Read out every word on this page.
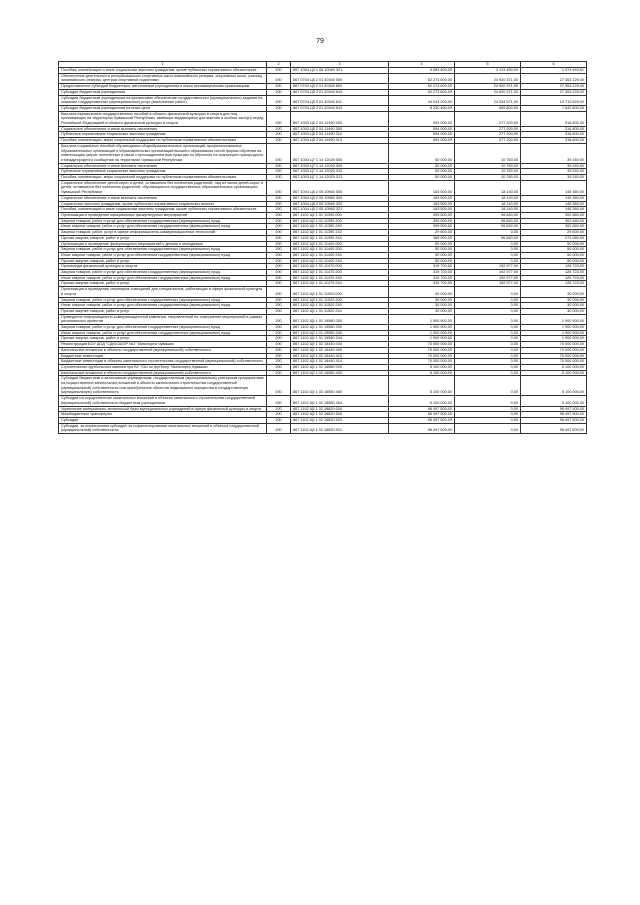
79
1	2	3	4	5	6
Пособия, компенсации и иные социальные выплаты гражданам, кроме публичных нормативных обязательств	200	867 1004 Ц4 1 06 10060 321	4 083 400,00	2 113 450,00	1 974 949,61
Обеспечение деятельности республиканских спортивных школ олимпийского резерва, спортивных школ, училищ олимпийского резерва, центров спортивной подготовки	200	867 0704 Ц5 2 01 40340 000	52 273 600,00	24 920 371,00	27 353 229,00
Предоставление субсидий бюджетным, автономным учреждениям и иным некоммерческим организациям	200	867 0704 Ц5 2 01 40340 600	52 273 600,00	24 920 371,00	27 353 229,00
Субсидии бюджетным учреждениям	200	867 0704 Ц5 2 01 40340 610	52 273 600,00	24 920 371,00	27 353 229,00
Субсидии бюджетным учреждениям на финансовое обеспечение государственного (муниципального) задания на оказание государственных (муниципальных) услуг (выполнение работ)	200	867 0704 Ц5 2 01 40340 611	44 043 200,00	24 334 571,00	19 710 629,00
Субсидии бюджетным учреждениям на иные цели	200	867 0704 Ц5 2 01 40340 612	8 230 400,00	585 800,00	7 642 600,00
Выплата ежемесячных государственных пособий в области физической культуры и спорта для лиц, проживающих на территории Чувашской Республики, имеющих выдающиеся достижения и особые заслуги перед Российской Федерацией в области физической культуры и спорта	200	867 1003 Ц5 2 04 11490 000	594 000,00	277 200,00	316 800,00
Социальное обеспечение и иные выплаты населению	200	867 1003 Ц5 2 04 11490 300	594 000,00	277 200,00	316 800,00
Публичные нормативные социальные выплаты гражданам	200	867 1003 Ц5 2 04 11490 310	594 000,00	277 200,00	316 800,00
Пособия, компенсации, меры социальной поддержки по публичным нормативным обязательствам	200	867 1003 Ц5 2 04 11490 313	594 000,00	277 200,00	316 800,00
Выплата социальных пособий обучающимся общеобразовательных организаций, профессиональных образовательных организаций и образовательных организаций высшего образования очной формы обучения на компенсацию затрат, понесенных в связи с прохождением ими практики по обучению на транспорте пригородного и междугородного сообщения на территории Чувашской Республики	200	867 1003 Ц7 1 14 12020 000	50 000,00	10 760,00	39 240,00
Социальное обеспечение и иные выплаты населению	200	867 1003 Ц7 1 14 12020 300	50 000,00	10 760,00	39 240,00
Публичные нормативные социальные выплаты гражданам	200	867 1003 Ц7 1 14 12020 310	50 000,00	10 760,00	39 240,00
Пособия, компенсации, меры социальной поддержки по публичным нормативным обязательствам	200	867 1003 Ц7 1 14 12020 313	50 000,00	10 760,00	39 240,00
Социальное обеспечение детей-сирот и детей, оставшихся без попечения родителей, лиц из числа детей-сирот и детей, оставшихся без попечения родителей, обучающихся в государственных образовательных организациях Чувашской Республики	200	867 1004 Ц5 2 05 10560 000	163 500,00	18 140,00	145 360,00
Социальное обеспечение и иные выплаты населению	200	867 1004 Ц5 2 05 10560 300	163 500,00	18 140,00	145 360,00
Социальные выплаты гражданам, кроме публичных нормативных социальных выплат	200	867 1004 Ц5 2 05 10560 320	163 500,00	18 140,00	145 360,00
Пособия, компенсации и иные социальные выплаты гражданам, кроме публичных нормативных обязательств	200	867 1004 Ц5 2 05 10560 321	163 500,00	18 140,00	145 360,00
Организация и проведение официальных физкультурных мероприятий	200	867 1102 Ц5 1 01 11390 000	399 500,00	96 840,00	302 660,00
Закупка товаров, работ и услуг для обеспечения государственных (муниципальных) нужд	200	867 1102 Ц5 1 01 11390 200	399 500,00	96 840,00	302 660,00
Иные закупки товаров, работ и услуг для обеспечения государственных (муниципальных) нужд	200	867 1102 Ц5 1 01 11390 240	399 500,00	96 840,00	302 660,00
Закупка товаров, работ, услуг в сфере информационно-коммуникационных технологий	200	867 1102 Ц5 1 01 11390 242	29 600,00	0,00	29 600,00
Прочая закупка товаров, работ и услуг	200	867 1102 Ц5 1 01 11390 244	369 900,00	96 840,00	273 060,00
Организация и проведение физкультурных мероприятий с детьми и молодежью	200	867 1102 Ц5 1 01 11400 000	50 000,00	0,00	50 000,00
Закупка товаров, работ и услуг для обеспечения государственных (муниципальных) нужд	200	867 1102 Ц5 1 01 11400 200	50 000,00	0,00	50 000,00
Иные закупки товаров, работ и услуг для обеспечения государственных (муниципальных) нужд	200	867 1102 Ц5 1 01 11400 240	50 000,00	0,00	50 000,00
Прочая закупка товаров, работ и услуг	200	867 1102 Ц5 1 01 11400 244	50 000,00	0,00	50 000,00
Пропаганда физической культуры и спорта	200	867 1102 Ц5 1 01 11470 000	319 700,00	192 977,00	126 723,00
Закупка товаров, работ и услуг для обеспечения государственных (муниципальных) нужд	200	867 1102 Ц5 1 01 11470 200	319 700,00	192 977,00	126 723,00
Иные закупки товаров, работ и услуг для обеспечения государственных (муниципальных) нужд	200	867 1102 Ц5 1 01 11470 240	319 700,00	192 977,00	126 723,00
Прочая закупка товаров, работ и услуг	200	867 1102 Ц5 1 01 11470 244	319 700,00	192 977,00	126 723,00
Организация и проведение семинаров-совещаний для специалистов, работающих в сфере физической культуры и спорта	200	867 1102 Ц5 1 01 11520 000	30 000,00	0,00	30 000,00
Закупка товаров, работ и услуг для обеспечения государственных (муниципальных) нужд	200	867 1102 Ц5 1 01 11520 200	30 000,00	0,00	30 000,00
Иные закупки товаров, работ и услуг для обеспечения государственных (муниципальных) нужд	200	867 1102 Ц5 1 01 11520 240	30 000,00	0,00	30 000,00
Прочая закупка товаров, работ и услуг	200	867 1102 Ц5 1 01 11520 244	30 000,00	0,00	30 000,00
Проведение информационно-коммуникационной кампании, направленной на совершение мероприятий в рамках региональных проектов	200	867 1102 Ц5 1 01 19580 000	1 900 900,00	0,00	1 900 900,00
Закупка товаров, работ и услуг для обеспечения государственных (муниципальных) нужд	200	867 1102 Ц5 1 01 19580 200	1 900 900,00	0,00	1 900 900,00
Иные закупки товаров, работ и услуг для обеспечения государственных (муниципальных) нужд	200	867 1102 Ц5 1 01 19580 240	1 900 900,00	0,00	1 900 900,00
Прочая закупка товаров, работ и услуг	200	867 1102 Ц5 1 01 19580 244	1 900 900,00	0,00	1 900 900,00
Реконструкция БОУ ДОД "СДЮСШОР №2" Минспорта Чувашии	200	867 1102 Ц5 1 02 16440 000	70 000 000,00	0,00	70 000 000,00
Капитальные вложения в объекты государственной (муниципальной) собственности	200	867 1102 Ц5 1 02 16440 400	70 000 000,00	0,00	70 000 000,00
Бюджетные инвестиции	200	867 1102 Ц5 1 02 16440 410	70 000 000,00	0,00	70 000 000,00
Бюджетные инвестиции в объекты капитального строительства государственной (муниципальной) собственности	200	867 1102 Ц5 1 02 16440 414	70 000 000,00	0,00	70 000 000,00
Строительство футбольного манежа при БУ "СШ по футболу" Минспорта Чувашии	200	867 1102 Ц5 1 02 16580 000	5 100 000,00	0,00	5 100 000,00
Капитальные вложения в объекты государственной (муниципальной) собственности	200	867 1102 Ц5 1 02 16580 400	5 100 000,00	0,00	5 100 000,00
Субсидии бюджетным и автономным учреждениям, государственным (муниципальным) унитарным предприятиям на осуществление капитальных вложений в объекты капитального строительства государственной (муниципальной) собственности или приобретение объектов недвижимого имущества в государственную (муниципальную) собственность	200	867 1102 Ц5 1 02 16580 460	5 100 000,00	0,00	5 100 000,00
Субсидии на осуществление капитальных вложений в объекты капитального строительства государственной (муниципальной) собственности бюджетным учреждениям	200	867 1102 Ц5 1 02 16580 464	5 100 000,00	0,00	5 100 000,00
Укрепление материально-технической базы муниципальных учреждений в сфере физической культуры и спорта	200	867 1102 Ц5 1 02 16820 000	96 497 500,00	0,00	96 497 500,00
Межбюджетные трансферты	200	867 1102 Ц5 1 02 16820 500	96 497 500,00	0,00	96 497 500,00
Субсидии	200	867 1102 Ц5 1 02 16820 520	96 497 500,00	0,00	96 497 500,00
Субсидии, за исключением субсидий на софинансирование капитальных вложений в объекты государственной (муниципальной) собственности	200	867 1102 Ц5 1 02 16820 521	96 497 500,00	0,00	96 497 500,00
